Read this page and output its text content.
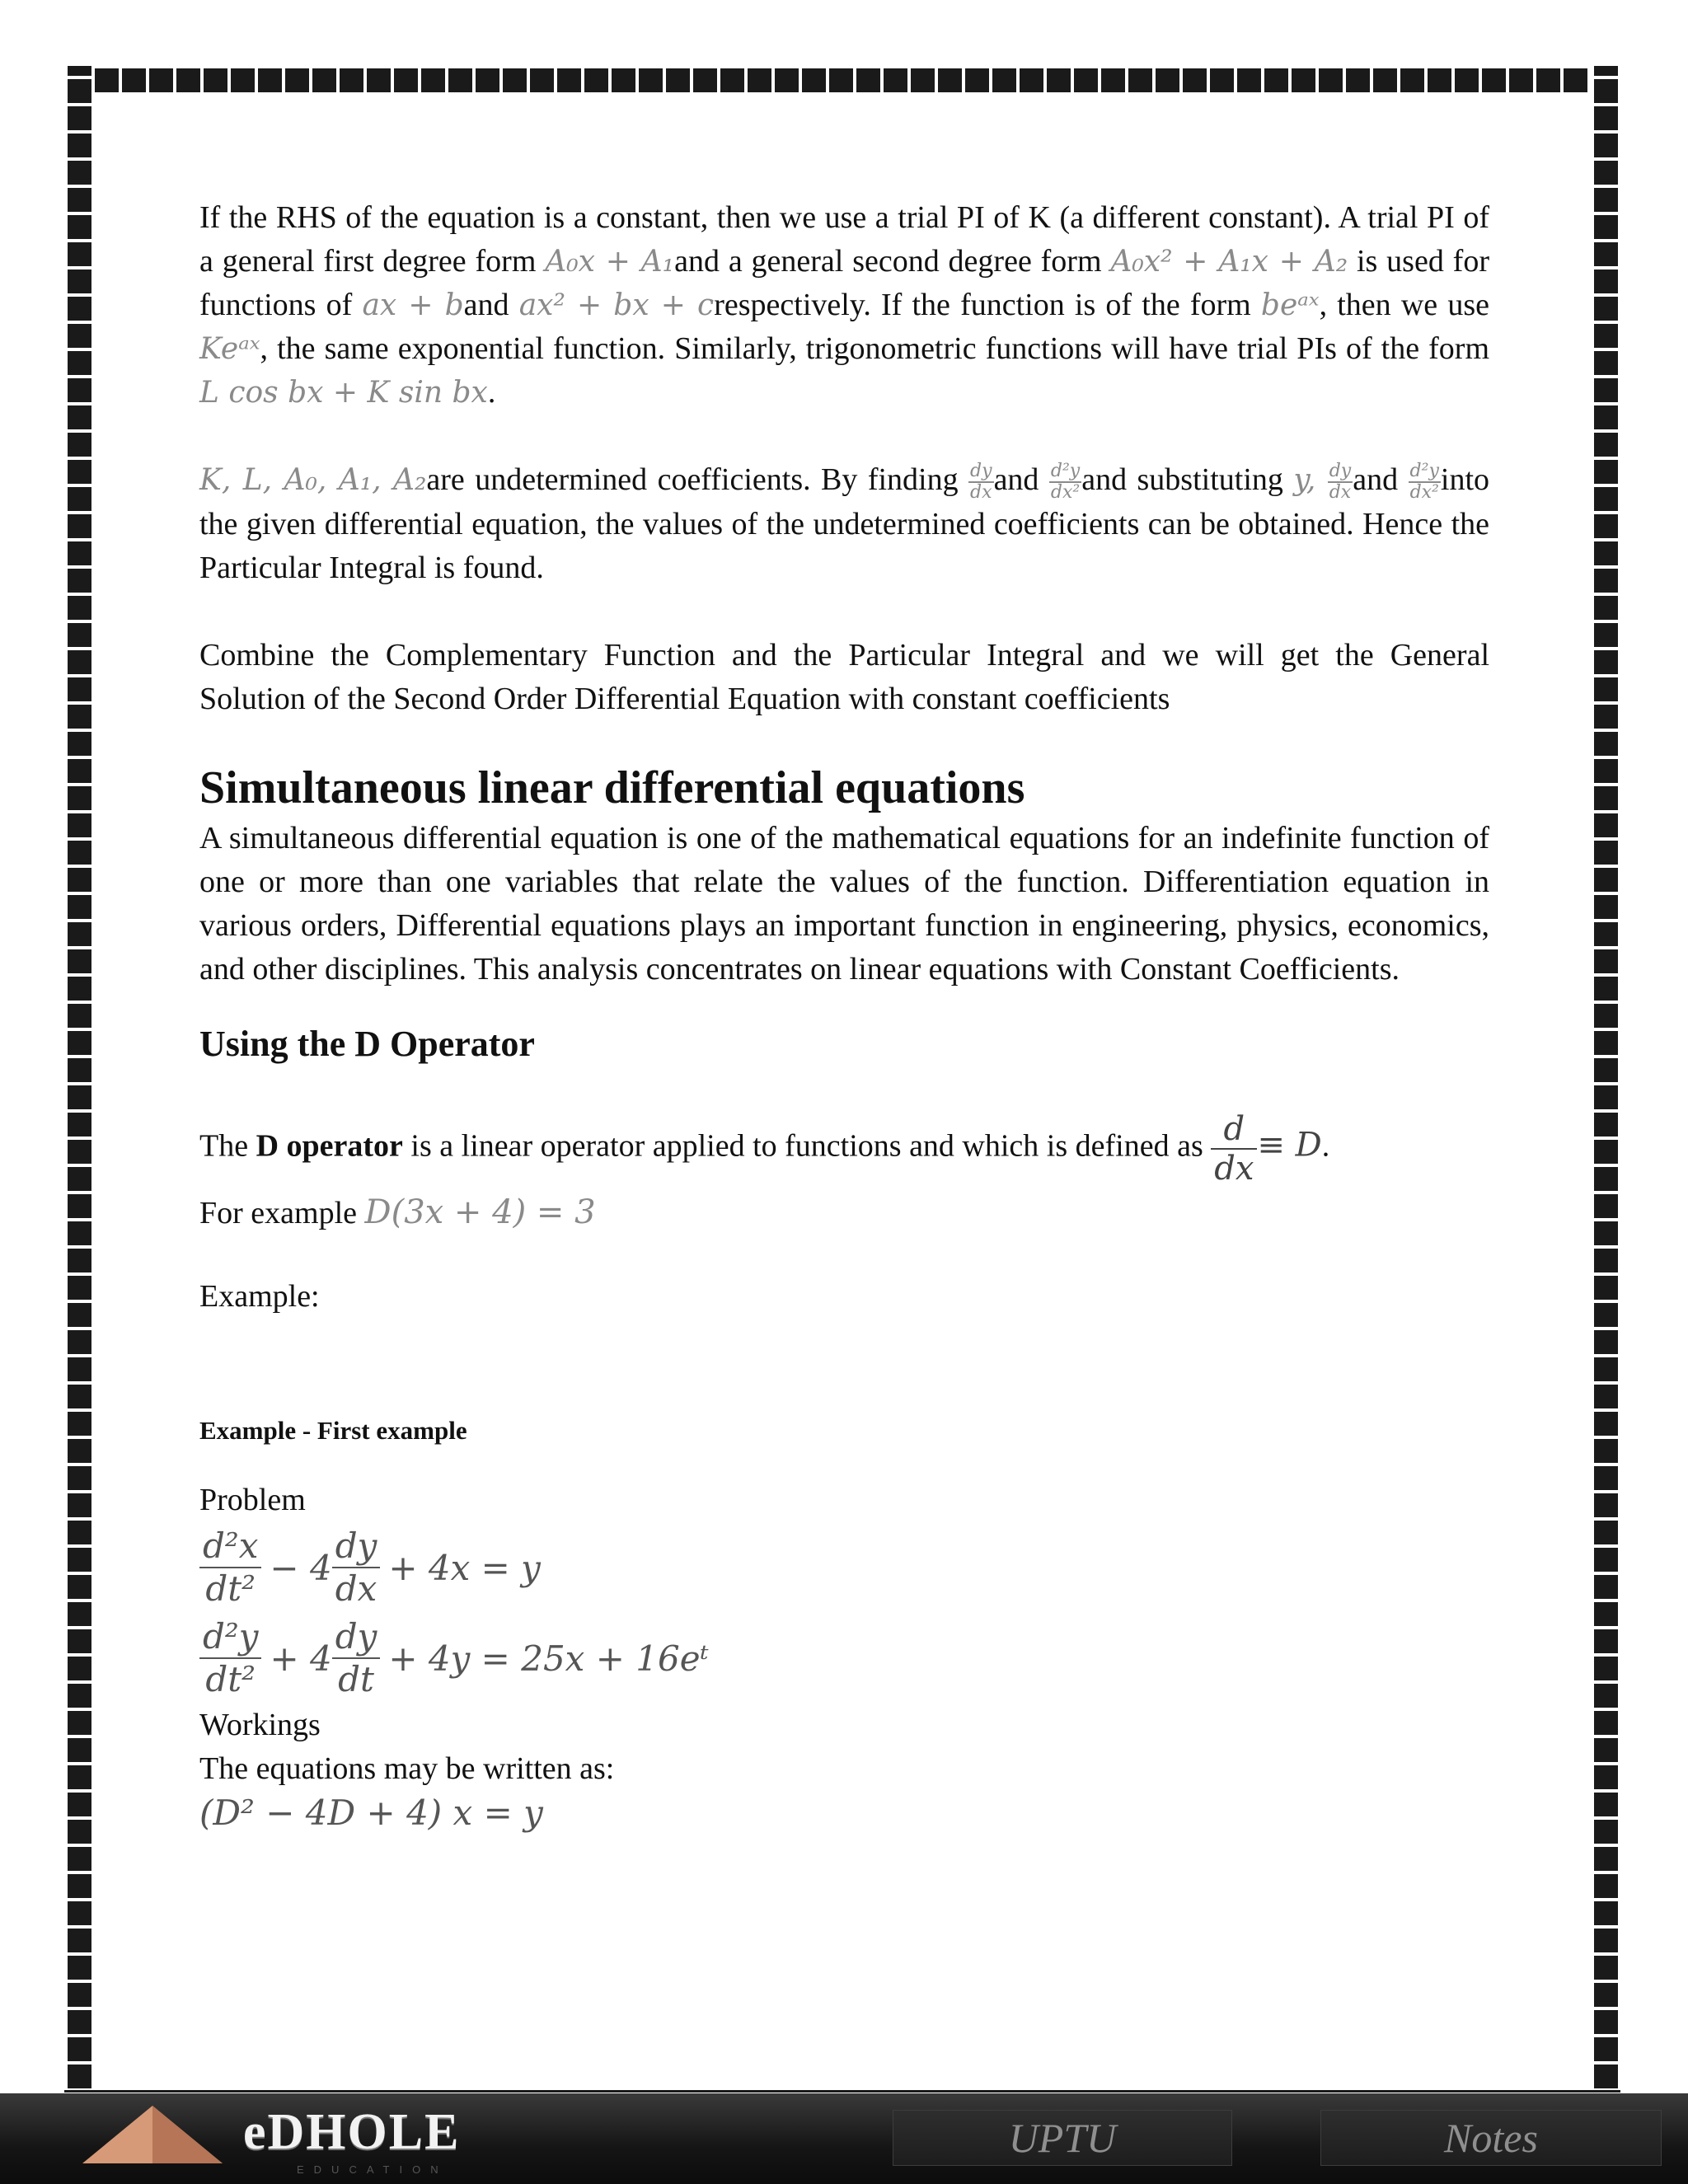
If the RHS of the equation is a constant, then we use a trial PI of K (a different constant). A trial PI of a general first degree form A₀x + A₁and a general second degree form A₀x² + A₁x + A₂ is used for functions of ax + band ax² + bx + crespectively. If the function is of the form beᵃˣ, then we use Keᵃˣ, the same exponential function. Similarly, trigonometric functions will have trial PIs of the form L cos bx + K sin bx.

K, L, A₀, A₁, A₂are undetermined coefficients. By finding $\frac{dy}{dx}$ and $\frac{\text{d²y}}{\text{dx²}}$ and substituting y, $\frac{dy}{dx}$ and $\frac{\text{d²y}}{\text{dx²}}$ into the given differential equation, the values of the undetermined coefficients can be obtained. Hence the Particular Integral is found.

Combine the Complementary Function and the Particular Integral and we will get the General Solution of the Second Order Differential Equation with constant coefficients

Simultaneous linear differential equations

A simultaneous differential equation is one of the mathematical equations for an indefinite function of one or more than one variables that relate the values of the function. Differentiation equation in various orders, Differential equations plays an important function in engineering, physics, economics, and other disciplines. This analysis concentrates on linear equations with Constant Coefficients.

Using the D Operator

The D operator is a linear operator applied to functions and which is defined as $\frac{d}{dx} \equiv D$.
For example D(3x + 4) = 3

Example:

Example - First example

Problem

$\frac{\text{d²x}}{\text{dt²}} - 4 \frac{dy}{dx} + 4x = y$
$\frac{\text{d²y}}{\text{dt²}} + 4 \frac{dy}{dt} + 4y = 25x$ + 16eᵗ

Workings

The equations may be written as:

(D² − 4D + 4) x = y

eDHOLE
EDUCATION
UPTU	Notes
